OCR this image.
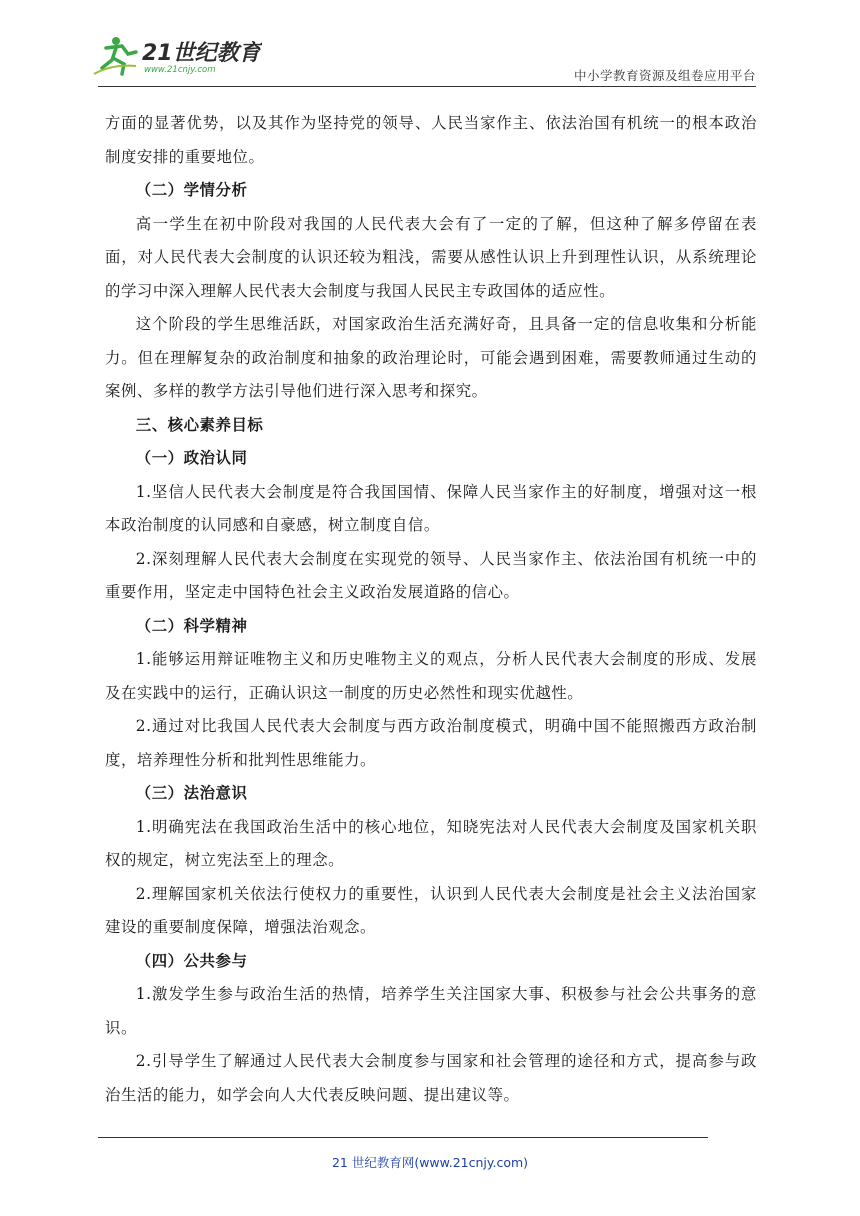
21世纪教育
www.21cnjy.com	中小学教育资源及组卷应用平台

方面的显著优势，以及其作为坚持党的领导、人民当家作主、依法治国有机统一的根本政治制度安排的重要地位。

（二）学情分析

高一学生在初中阶段对我国的人民代表大会有了一定的了解，但这种了解多停留在表面，对人民代表大会制度的认识还较为粗浅，需要从感性认识上升到理性认识，从系统理论的学习中深入理解人民代表大会制度与我国人民民主专政国体的适应性。

这个阶段的学生思维活跃，对国家政治生活充满好奇，且具备一定的信息收集和分析能力。但在理解复杂的政治制度和抽象的政治理论时，可能会遇到困难，需要教师通过生动的案例、多样的教学方法引导他们进行深入思考和探究。

三、核心素养目标

（一）政治认同

1.坚信人民代表大会制度是符合我国国情、保障人民当家作主的好制度，增强对这一根本政治制度的认同感和自豪感，树立制度自信。

2.深刻理解人民代表大会制度在实现党的领导、人民当家作主、依法治国有机统一中的重要作用，坚定走中国特色社会主义政治发展道路的信心。

（二）科学精神

1.能够运用辩证唯物主义和历史唯物主义的观点，分析人民代表大会制度的形成、发展及在实践中的运行，正确认识这一制度的历史必然性和现实优越性。

2.通过对比我国人民代表大会制度与西方政治制度模式，明确中国不能照搬西方政治制度，培养理性分析和批判性思维能力。

（三）法治意识

1.明确宪法在我国政治生活中的核心地位，知晓宪法对人民代表大会制度及国家机关职权的规定，树立宪法至上的理念。

2.理解国家机关依法行使权力的重要性，认识到人民代表大会制度是社会主义法治国家建设的重要制度保障，增强法治观念。

（四）公共参与

1.激发学生参与政治生活的热情，培养学生关注国家大事、积极参与社会公共事务的意识。

2.引导学生了解通过人民代表大会制度参与国家和社会管理的途径和方式，提高参与政治生活的能力，如学会向人大代表反映问题、提出建议等。

21 世纪教育网(www.21cnjy.com)
